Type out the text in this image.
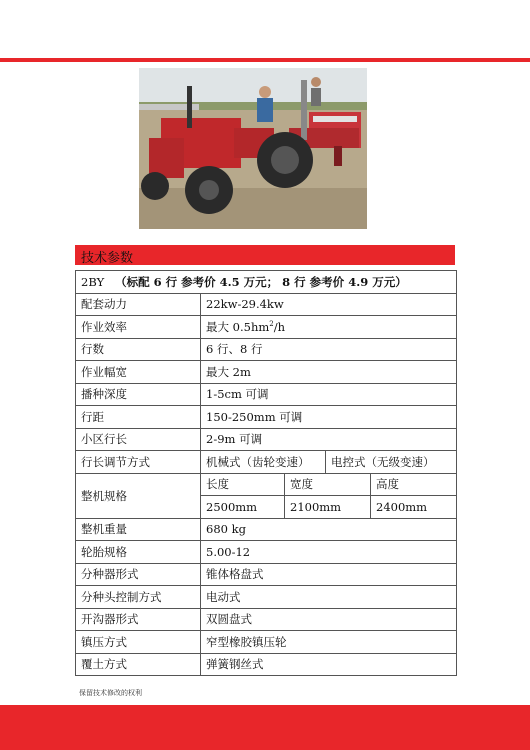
技术参数
2BY （标配 6 行 参考价 4.5 万元； 8 行 参考价 4.9 万元）				
配套动力	22kw-29.4kw			
作业效率	最大 $0.5hm^2/h$			
行数	6 行、8 行			
作业幅宽	最大 2m			
播种深度	1-5cm 可调			
行距	150-250mm 可调			
小区行长	2-9m 可调			
行长调节方式	机械式（齿轮变速）		电控式（无级变速）	
整机规格	长度	宽度		高度
	2500mm	2100mm		2400mm
整机重量	680 kg			
轮胎规格	5.00-12			
分种器形式	锥体格盘式			
分种头控制方式	电动式			
开沟器形式	双圆盘式			
镇压方式	窄型橡胶镇压轮			
覆土方式	弹簧钢丝式			
保留技术修改的权利
